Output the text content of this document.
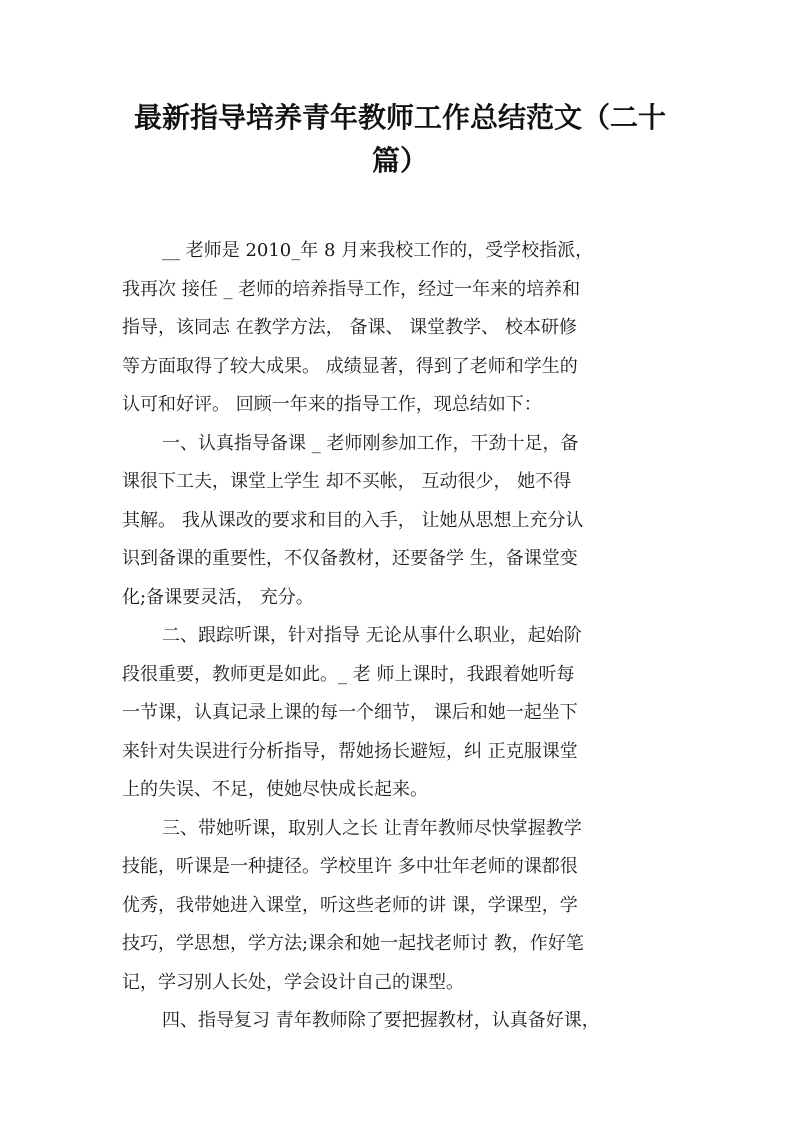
最新指导培养青年教师工作总结范文（二十
篇）

__ 老师是 2010_年 8 月来我校工作的，受学校指派，
我再次 接任 _ 老师的培养指导工作，经过一年来的培养和
指导，该同志 在教学方法， 备课、 课堂教学、 校本研修
等方面取得了较大成果。 成绩显著，得到了老师和学生的
认可和好评。 回顾一年来的指导工作，现总结如下：

一、认真指导备课 _ 老师刚参加工作，干劲十足，备
课很下工夫，课堂上学生 却不买帐， 互动很少， 她不得
其解。 我从课改的要求和目的入手， 让她从思想上充分认
识到备课的重要性，不仅备教材，还要备学 生，备课堂变
化;备课要灵活， 充分。

二、跟踪听课，针对指导 无论从事什么职业，起始阶
段很重要，教师更是如此。_ 老 师上课时，我跟着她听每
一节课，认真记录上课的每一个细节， 课后和她一起坐下
来针对失误进行分析指导，帮她扬长避短，纠 正克服课堂
上的失误、不足，使她尽快成长起来。

三、带她听课，取别人之长 让青年教师尽快掌握教学
技能，听课是一种捷径。学校里许 多中壮年老师的课都很
优秀，我带她进入课堂，听这些老师的讲 课，学课型，学
技巧，学思想，学方法;课余和她一起找老师讨 教，作好笔
记，学习别人长处，学会设计自己的课型。

四、指导复习 青年教师除了要把握教材，认真备好课，
